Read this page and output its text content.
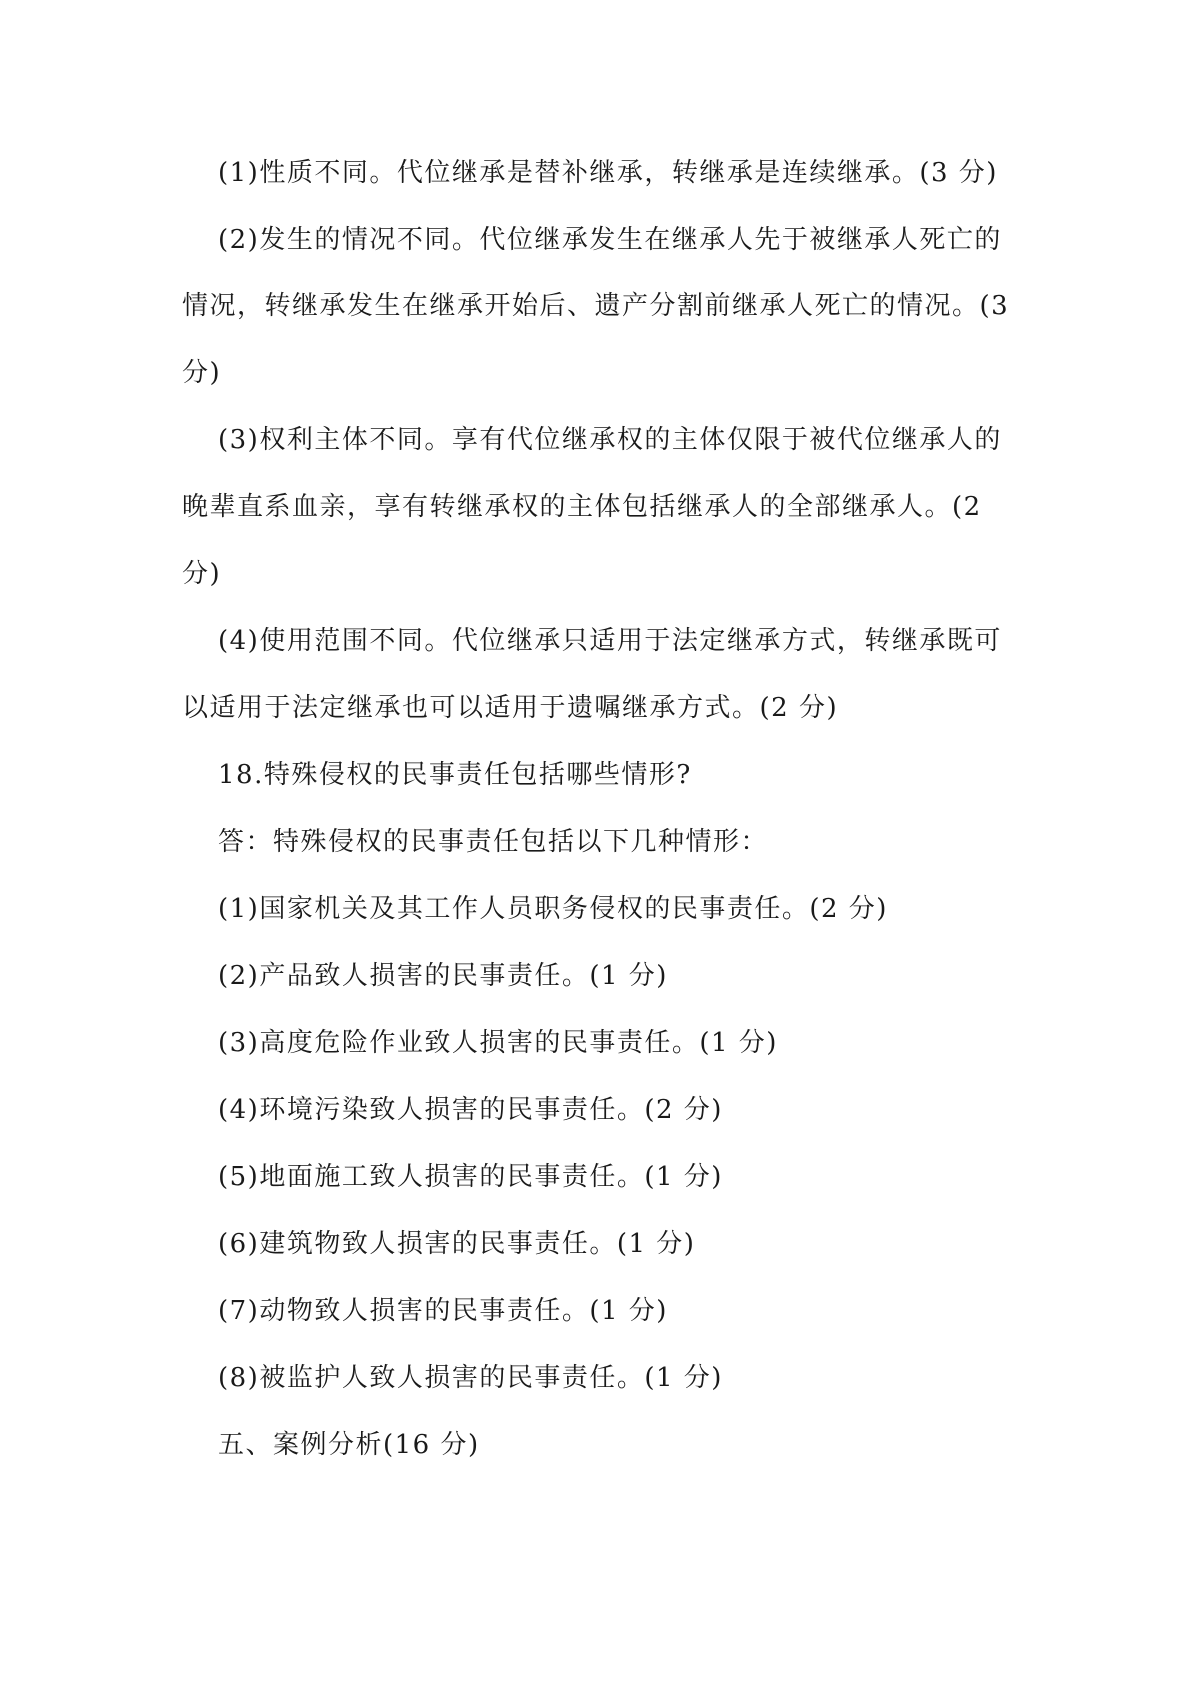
(1)性质不同。代位继承是替补继承，转继承是连续继承。(3 分)
(2)发生的情况不同。代位继承发生在继承人先于被继承人死亡的
情况，转继承发生在继承开始后、遗产分割前继承人死亡的情况。(3
分)
(3)权利主体不同。享有代位继承权的主体仅限于被代位继承人的
晚辈直系血亲，享有转继承权的主体包括继承人的全部继承人。(2
分)
(4)使用范围不同。代位继承只适用于法定继承方式，转继承既可
以适用于法定继承也可以适用于遗嘱继承方式。(2 分)
18.特殊侵权的民事责任包括哪些情形?
答：特殊侵权的民事责任包括以下几种情形：
(1)国家机关及其工作人员职务侵权的民事责任。(2 分)
(2)产品致人损害的民事责任。(1 分)
(3)高度危险作业致人损害的民事责任。(1 分)
(4)环境污染致人损害的民事责任。(2 分)
(5)地面施工致人损害的民事责任。(1 分)
(6)建筑物致人损害的民事责任。(1 分)
(7)动物致人损害的民事责任。(1 分)
(8)被监护人致人损害的民事责任。(1 分)
五、案例分析(16 分)
